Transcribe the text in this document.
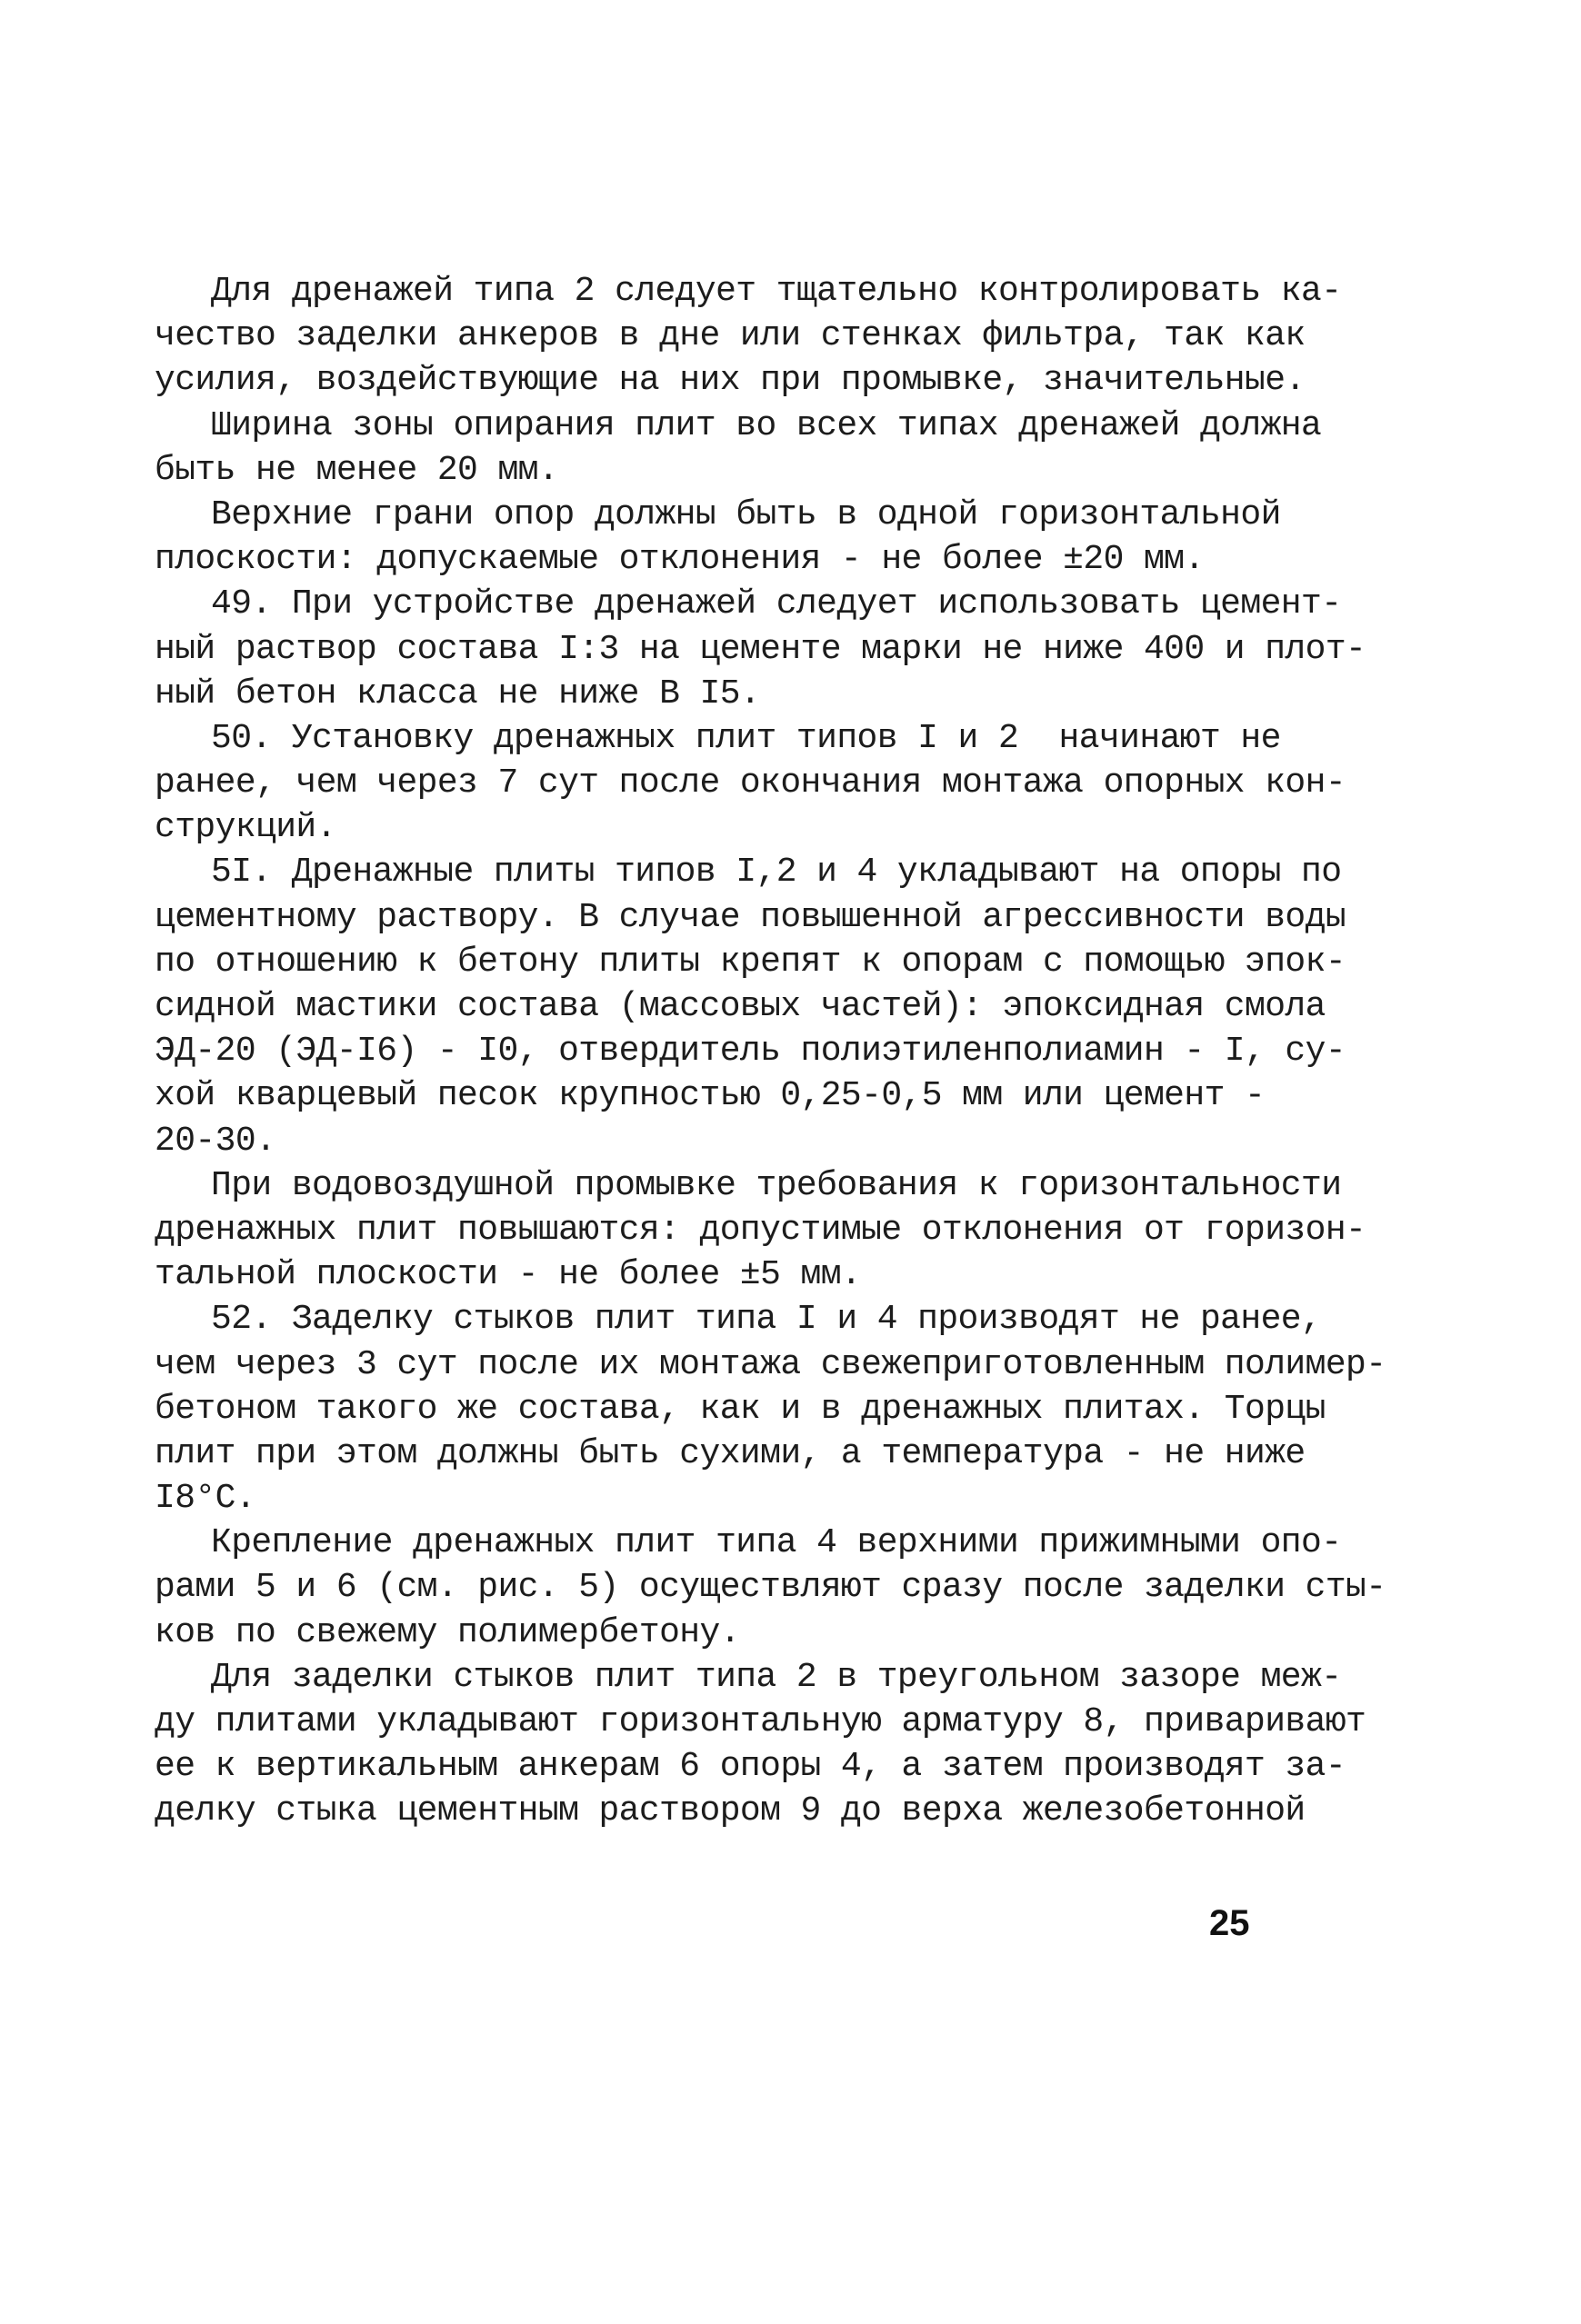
Для дренажей типа 2 следует тщательно контролировать ка-
чество заделки анкеров в дне или стенках фильтра, так как
усилия, воздействующие на них при промывке, значительные.
Ширина зоны опирания плит во всех типах дренажей должна
быть не менее 20 мм.
Верхние грани опор должны быть в одной горизонтальной
плоскости: допускаемые отклонения - не более ±20 мм.
49. При устройстве дренажей следует использовать цемент-
ный раствор состава I:3 на цементе марки не ниже 400 и плот-
ный бетон класса не ниже В I5.
50. Установку дренажных плит типов I и 2  начинают не
ранее, чем через 7 сут после окончания монтажа опорных кон-
струкций.
5I. Дренажные плиты типов I,2 и 4 укладывают на опоры по
цементному раствору. В случае повышенной агрессивности воды
по отношению к бетону плиты крепят к опорам с помощью эпок-
сидной мастики состава (массовых частей): эпоксидная смола
ЭД-20 (ЭД-I6) - I0, отвердитель полиэтиленполиамин - I, су-
хой кварцевый песок крупностью 0,25-0,5 мм или цемент -
20-30.
При водовоздушной промывке требования к горизонтальности
дренажных плит повышаются: допустимые отклонения от горизон-
тальной плоскости - не более ±5 мм.
52. Заделку стыков плит типа I и 4 производят не ранее,
чем через 3 сут после их монтажа свежеприготовленным полимер-
бетоном такого же состава, как и в дренажных плитах. Торцы
плит при этом должны быть сухими, а температура - не ниже
I8°С.
Крепление дренажных плит типа 4 верхними прижимными опо-
рами 5 и 6 (см. рис. 5) осуществляют сразу после заделки сты-
ков по свежему полимербетону.
Для заделки стыков плит типа 2 в треугольном зазоре меж-
ду плитами укладывают горизонтальную арматуру 8, приваривают
ее к вертикальным анкерам 6 опоры 4, а затем производят за-
делку стыка цементным раствором 9 до верха железобетонной
25
